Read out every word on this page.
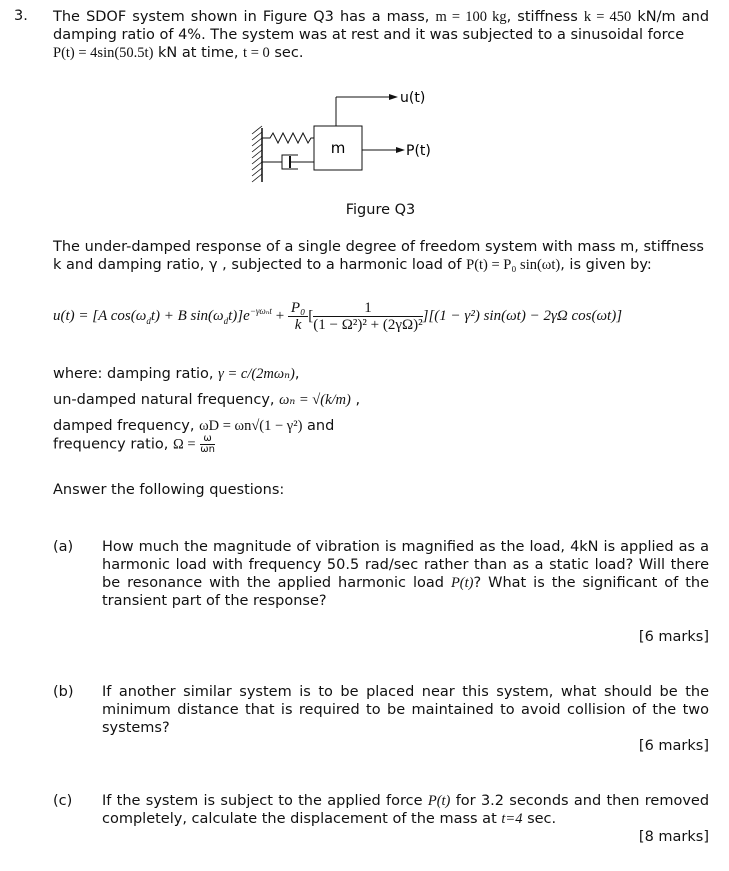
3. The SDOF system shown in Figure Q3 has a mass, m = 100 kg, stiffness k = 450 kN/m and damping ratio of 4%. The system was at rest and it was subjected to a sinusoidal force
P(t) = 4sin(50.5t) kN at time, t = 0 sec.
m
u(t)
P(t)
Figure Q3
The under-damped response of a single degree of freedom system with mass m, stiffness
k and damping ratio, γ , subjected to a harmonic load of P(t) = P₀ sin(ωt), is given by:
u(t) = [A $\cos(\omega_dt) + B$ $\sin(\omega_dt)]e^{-\gamma\omega_nt} + \frac{\text{P₀}}{k}$ [ $\frac{1}{\text{(1 − Ω²)² + (2γΩ)²}} ][(1 - \gamma^2) \sin(\omega t) - 2\gamma\Omega$ cos(ωt)]
where: damping ratio, γ = c/(2mωₙ),
un-damped natural frequency, ωₙ = √(k/m) ,
damped frequency, ωD = ωn√(1 − γ²) and
frequency ratio, $\Omega = \frac{\omega}{\omega n}$
Answer the following questions:
(a) How much the magnitude of vibration is magnified as the load, 4kN is applied as a harmonic load with frequency 50.5 rad/sec rather than as a static load? Will there be resonance with the applied harmonic load P(t)? What is the significant of the transient part of the response?
[6 marks]
(b) If another similar system is to be placed near this system, what should be the minimum distance that is required to be maintained to avoid collision of the two systems?
[6 marks]
(c) If the system is subject to the applied force P(t) for 3.2 seconds and then removed completely, calculate the displacement of the mass at t=4 sec.
[8 marks]
